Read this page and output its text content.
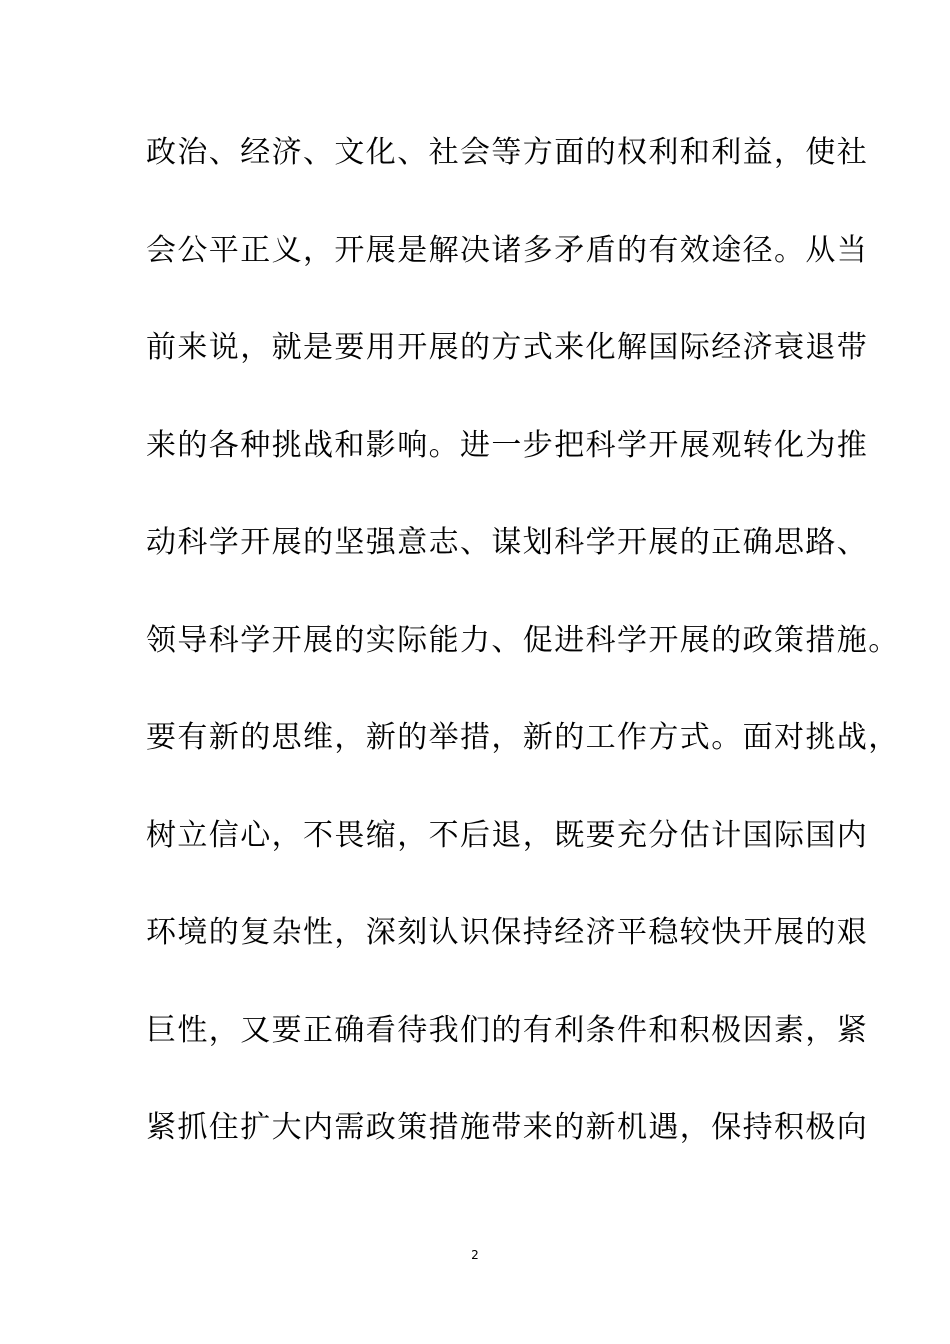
政治、经济、文化、社会等方面的权利和利益，使社
会公平正义，开展是解决诸多矛盾的有效途径。从当
前来说，就是要用开展的方式来化解国际经济衰退带
来的各种挑战和影响。进一步把科学开展观转化为推
动科学开展的坚强意志、谋划科学开展的正确思路、
领导科学开展的实际能力、促进科学开展的政策措施。
要有新的思维，新的举措，新的工作方式。面对挑战，
树立信心，不畏缩，不后退，既要充分估计国际国内
环境的复杂性，深刻认识保持经济平稳较快开展的艰
巨性，又要正确看待我们的有利条件和积极因素，紧
紧抓住扩大内需政策措施带来的新机遇，保持积极向
2
